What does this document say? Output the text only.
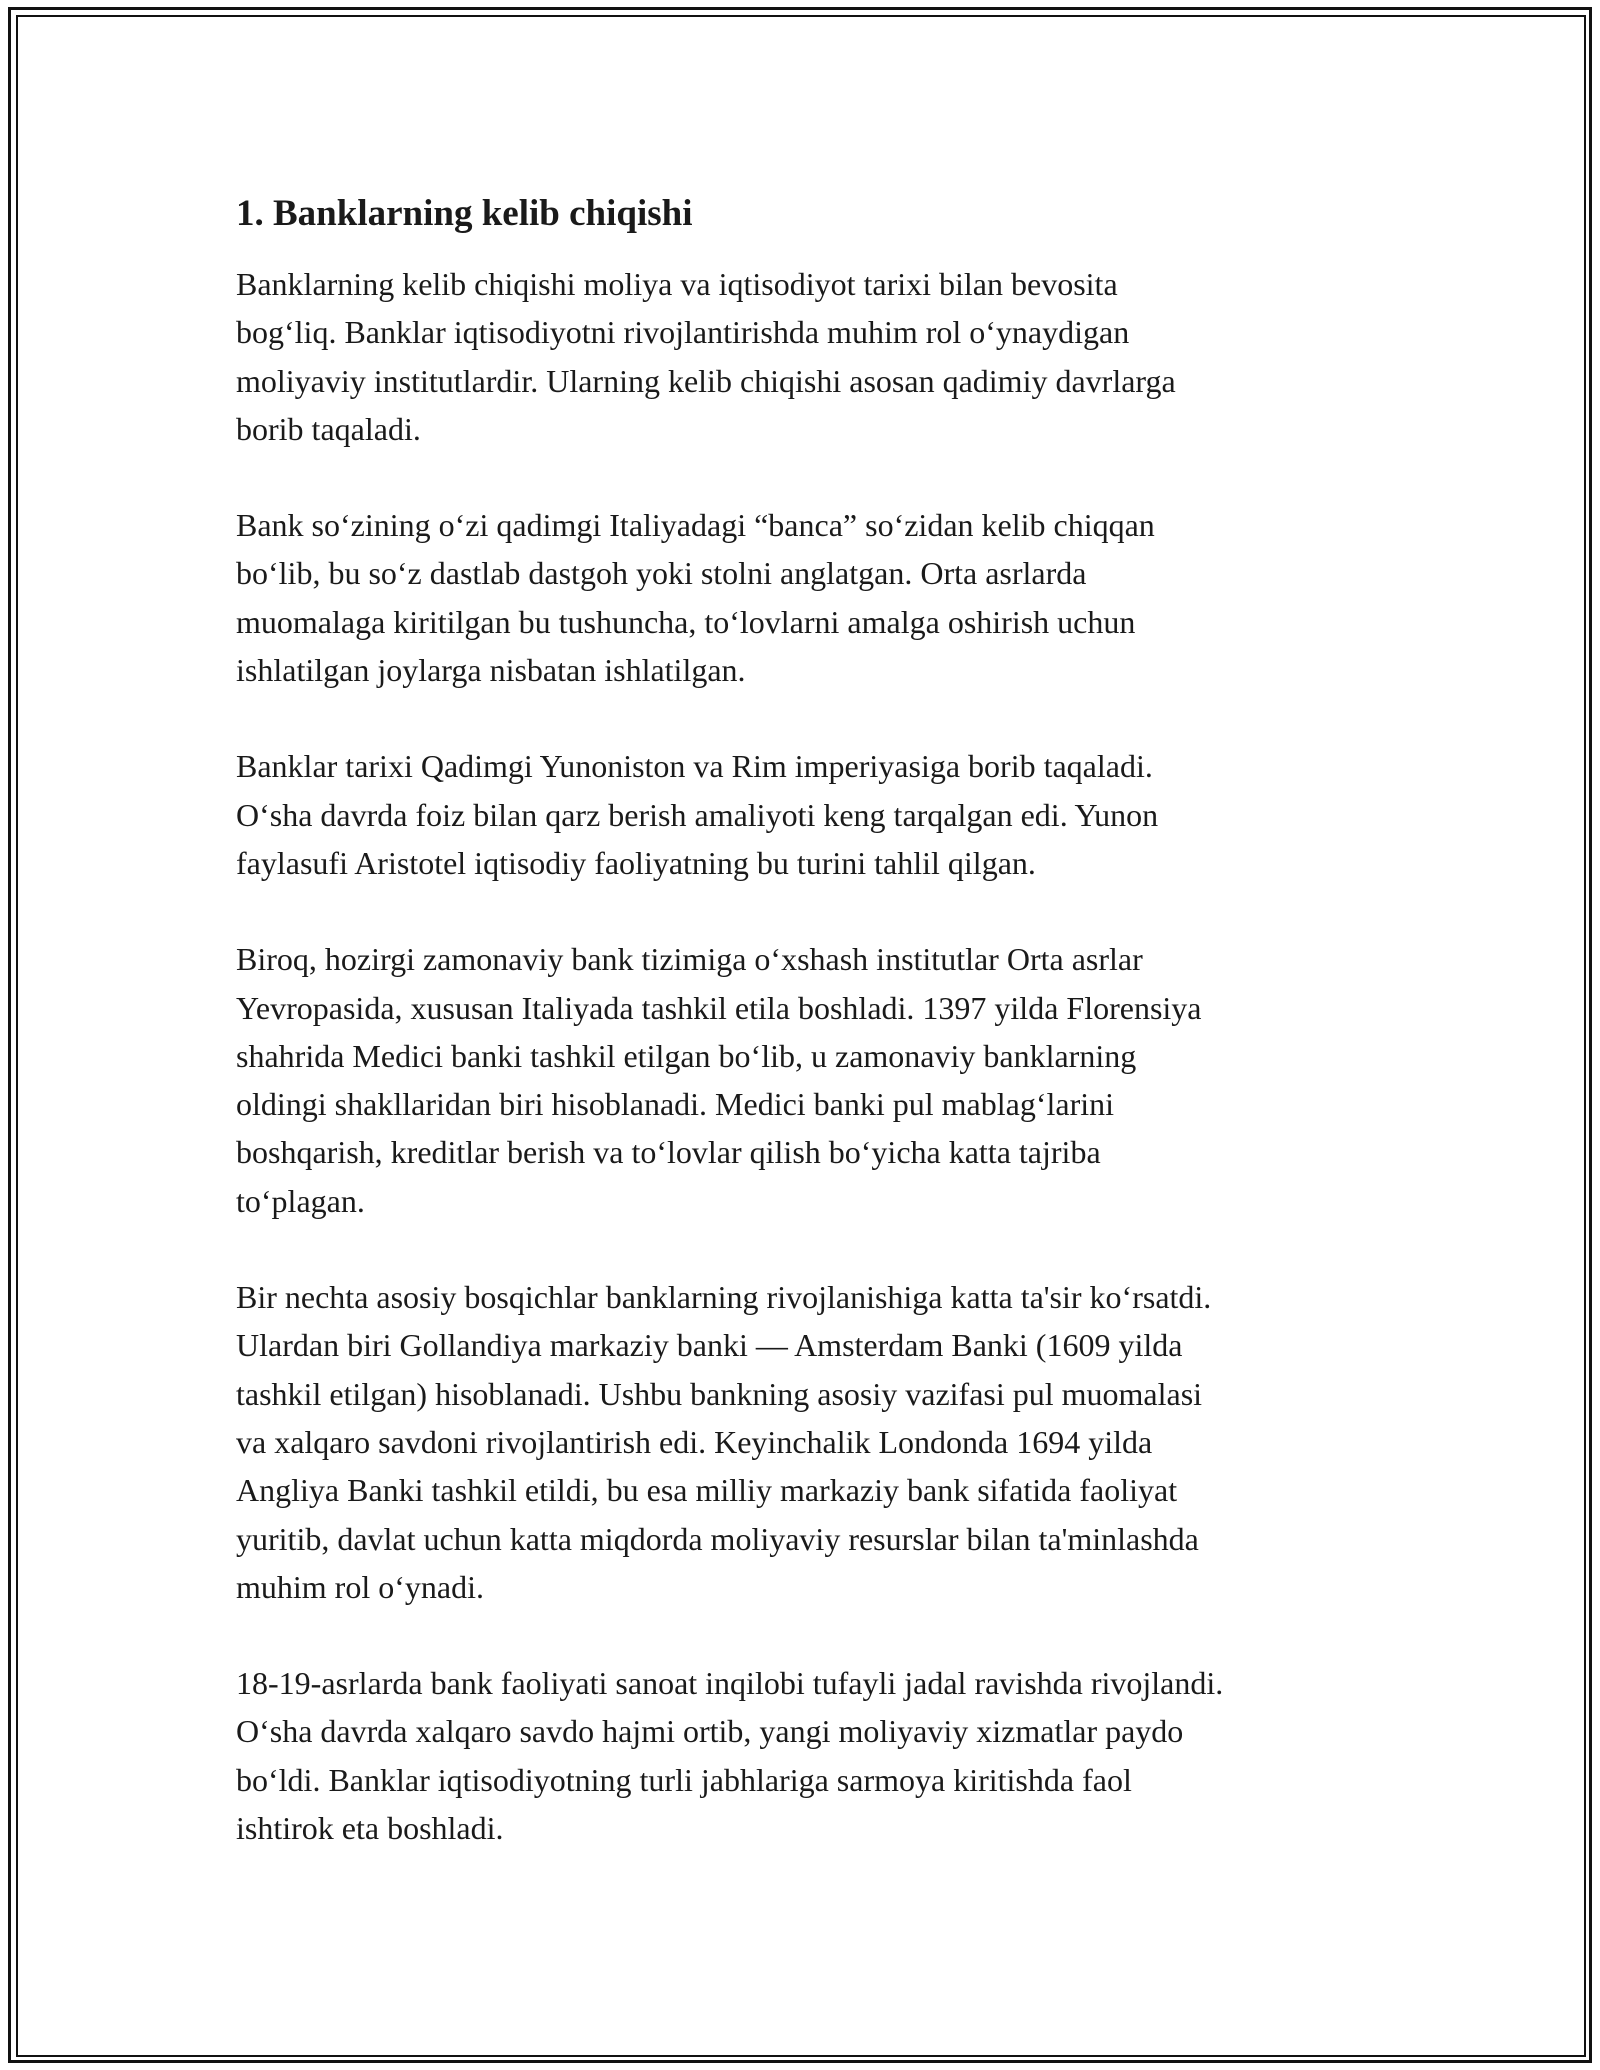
1. Banklarning kelib chiqishi

Banklarning kelib chiqishi moliya va iqtisodiyot tarixi bilan bevosita
bog‘liq. Banklar iqtisodiyotni rivojlantirishda muhim rol o‘ynaydigan
moliyaviy institutlardir. Ularning kelib chiqishi asosan qadimiy davrlarga
borib taqaladi.

Bank so‘zining o‘zi qadimgi Italiyadagi “banca” so‘zidan kelib chiqqan
bo‘lib, bu so‘z dastlab dastgoh yoki stolni anglatgan. Orta asrlarda
muomalaga kiritilgan bu tushuncha, to‘lovlarni amalga oshirish uchun
ishlatilgan joylarga nisbatan ishlatilgan.

Banklar tarixi Qadimgi Yunoniston va Rim imperiyasiga borib taqaladi.
O‘sha davrda foiz bilan qarz berish amaliyoti keng tarqalgan edi. Yunon
faylasufi Aristotel iqtisodiy faoliyatning bu turini tahlil qilgan.

Biroq, hozirgi zamonaviy bank tizimiga o‘xshash institutlar Orta asrlar
Yevropasida, xususan Italiyada tashkil etila boshladi. 1397 yilda Florensiya
shahrida Medici banki tashkil etilgan bo‘lib, u zamonaviy banklarning
oldingi shakllaridan biri hisoblanadi. Medici banki pul mablag‘larini
boshqarish, kreditlar berish va to‘lovlar qilish bo‘yicha katta tajriba
to‘plagan.

Bir nechta asosiy bosqichlar banklarning rivojlanishiga katta ta'sir ko‘rsatdi.
Ulardan biri Gollandiya markaziy banki — Amsterdam Banki (1609 yilda
tashkil etilgan) hisoblanadi. Ushbu bankning asosiy vazifasi pul muomalasi
va xalqaro savdoni rivojlantirish edi. Keyinchalik Londonda 1694 yilda
Angliya Banki tashkil etildi, bu esa milliy markaziy bank sifatida faoliyat
yuritib, davlat uchun katta miqdorda moliyaviy resurslar bilan ta'minlashda
muhim rol o‘ynadi.

18-19-asrlarda bank faoliyati sanoat inqilobi tufayli jadal ravishda rivojlandi.
O‘sha davrda xalqaro savdo hajmi ortib, yangi moliyaviy xizmatlar paydo
bo‘ldi. Banklar iqtisodiyotning turli jabhlariga sarmoya kiritishda faol
ishtirok eta boshladi.
